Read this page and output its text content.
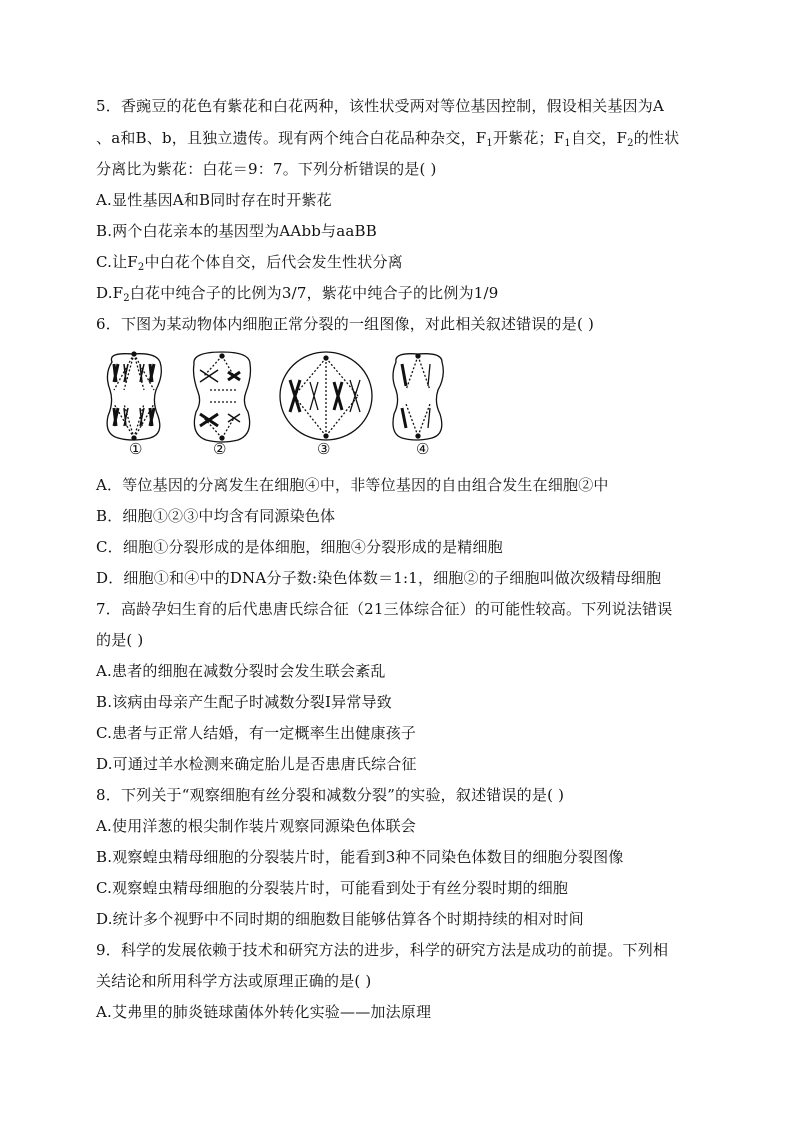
5．香豌豆的花色有紫花和白花两种，该性状受两对等位基因控制，假设相关基因为A
、a和B、b，且独立遗传。现有两个纯合白花品种杂交，$F_1$开紫花；$F_1$自交，$F_2$的性状
分离比为紫花：白花＝9：7。下列分析错误的是( )
A.显性基因A和B同时存在时开紫花
B.两个白花亲本的基因型为AAbb与aaBB
C.让$F_2$中白花个体自交，后代会发生性状分离
$D.F_2$白花中纯合子的比例为3/7，紫花中纯合子的比例为1/9
6．下图为某动物体内细胞正常分裂的一组图像，对此相关叙述错误的是( )
①	②	③	④
A．等位基因的分离发生在细胞④中，非等位基因的自由组合发生在细胞②中
B．细胞①②③中均含有同源染色体
C．细胞①分裂形成的是体细胞，细胞④分裂形成的是精细胞
D．细胞①和④中的DNA分子数:染色体数＝1:1，细胞②的子细胞叫做次级精母细胞
7．高龄孕妇生育的后代患唐氏综合征（21三体综合征）的可能性较高。下列说法错误
的是( )
A.患者的细胞在减数分裂时会发生联会紊乱
B.该病由母亲产生配子时减数分裂Ⅰ异常导致
C.患者与正常人结婚，有一定概率生出健康孩子
D.可通过羊水检测来确定胎儿是否患唐氏综合征
8．下列关于“观察细胞有丝分裂和减数分裂”的实验，叙述错误的是( )
A.使用洋葱的根尖制作装片观察同源染色体联会
B.观察蝗虫精母细胞的分裂装片时，能看到3种不同染色体数目的细胞分裂图像
C.观察蝗虫精母细胞的分裂装片时，可能看到处于有丝分裂时期的细胞
D.统计多个视野中不同时期的细胞数目能够估算各个时期持续的相对时间
9．科学的发展依赖于技术和研究方法的进步，科学的研究方法是成功的前提。下列相
关结论和所用科学方法或原理正确的是( )
A.艾弗里的肺炎链球菌体外转化实验——加法原理
